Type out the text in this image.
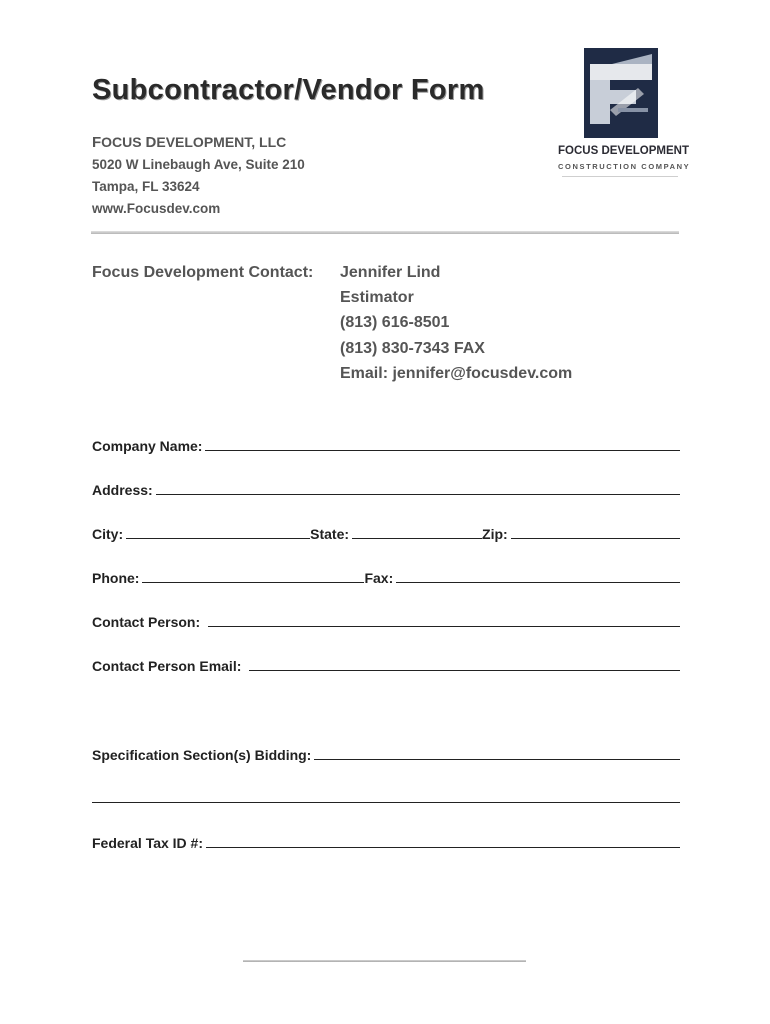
Subcontractor/Vendor Form
FOCUS DEVELOPMENT, LLC
5020 W Linebaugh Ave, Suite 210
Tampa, FL 33624
www.Focusdev.com
FOCUS DEVELOPMENT
CONSTRUCTION COMPANY
Focus Development Contact: Jennifer Lind
Estimator
(813) 616-8501
(813) 830-7343 FAX
Email: jennifer@focusdev.com
Company Name:
Address:
City:	State:	Zip:
Phone:	Fax:
Contact Person:
Contact Person Email:
Specification Section(s) Bidding:
Federal Tax ID #:
